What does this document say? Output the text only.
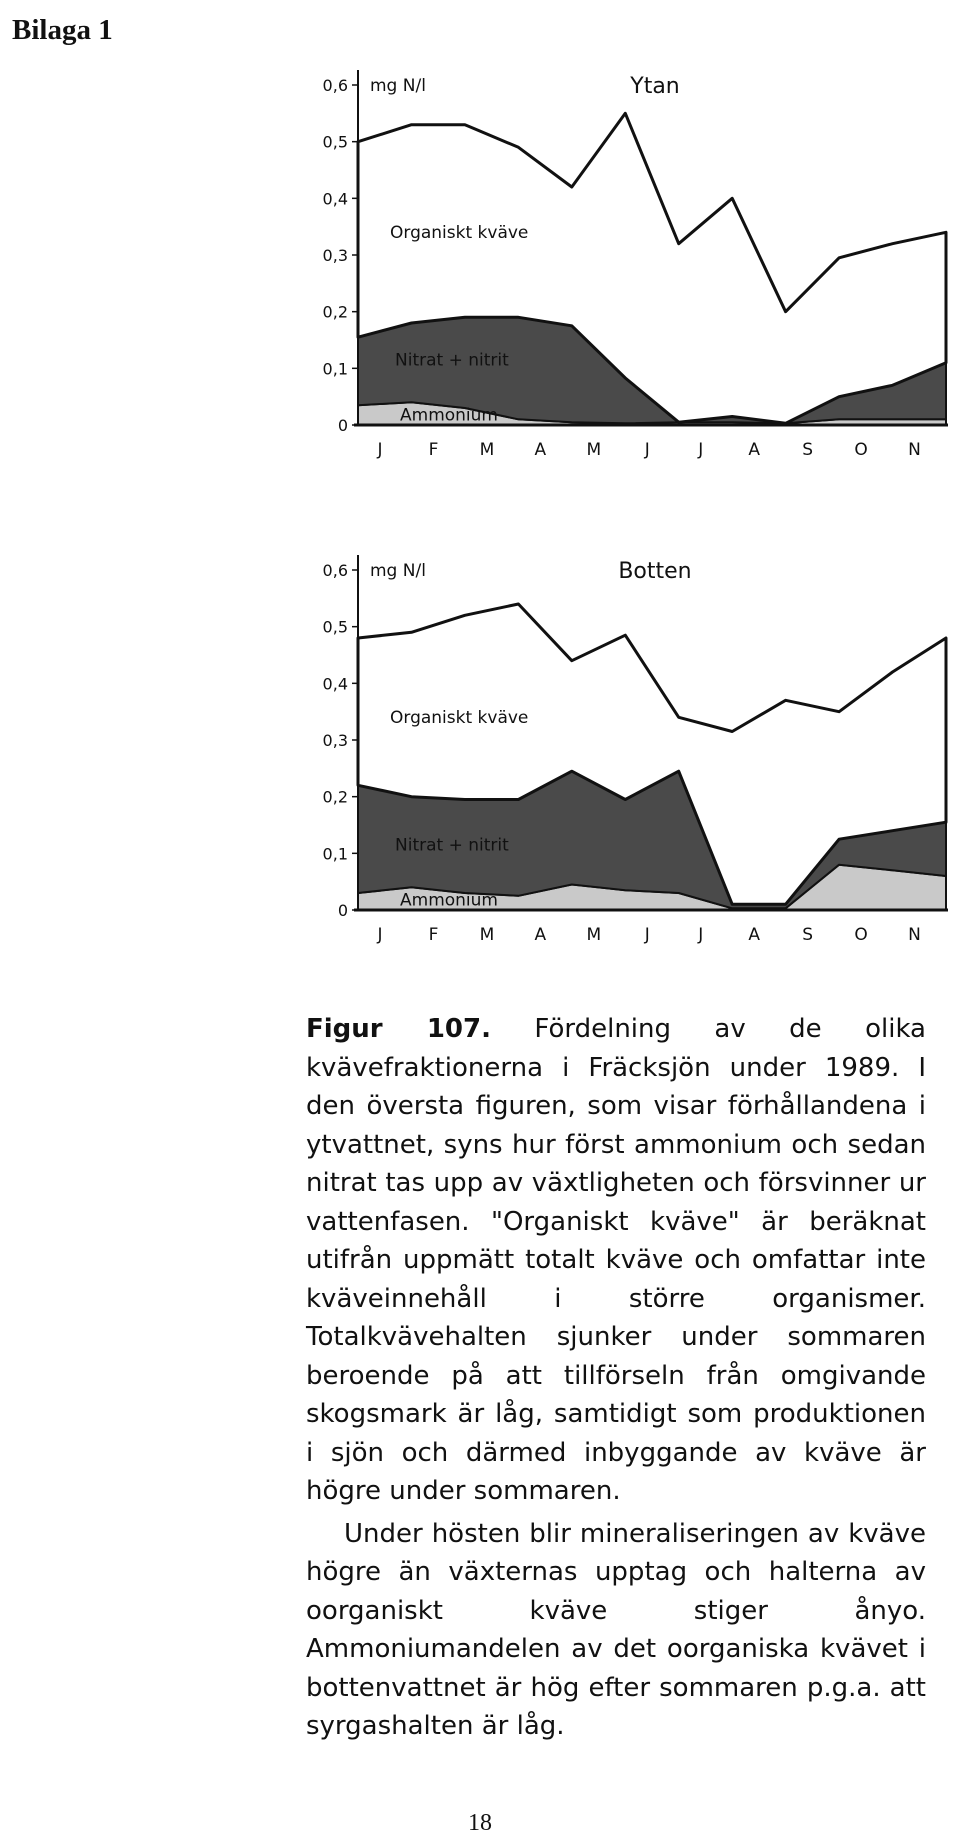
Bilaga 1
Ammonium
Nitrat + nitrit
Organiskt kväve
0
0,1
0,2
0,3
0,4
0,5
0,6
J	F M A M	J	J	A S O N
mg N/l	Ytan
Ammonium
Nitrat + nitrit
Organiskt kväve
0
0,1
0,2
0,3
0,4
0,5
0,6
J	F M A M	J	J	A S O N
mg N/l	Botten

Figur 107. Fördelning av de olika kvävefraktionerna i Fräcksjön under 1989. I den översta figuren, som visar förhållandena i ytvattnet, syns hur först ammonium och sedan nitrat tas upp av växtligheten och försvinner ur vattenfasen. "Organiskt kväve" är beräknat utifrån uppmätt totalt kväve och omfattar inte kväveinnehåll i större organismer. Totalkvävehalten sjunker under sommaren beroende på att tillförseln från omgivande skogsmark är låg, samtidigt som produktionen i sjön och därmed inbyggande av kväve är högre under sommaren.

Under hösten blir mineraliseringen av kväve högre än växternas upptag och halterna av oorganiskt kväve stiger ånyo. Ammoniumandelen av det oorganiska kvävet i bottenvattnet är hög efter sommaren p.g.a. att syrgashalten är låg.

18
